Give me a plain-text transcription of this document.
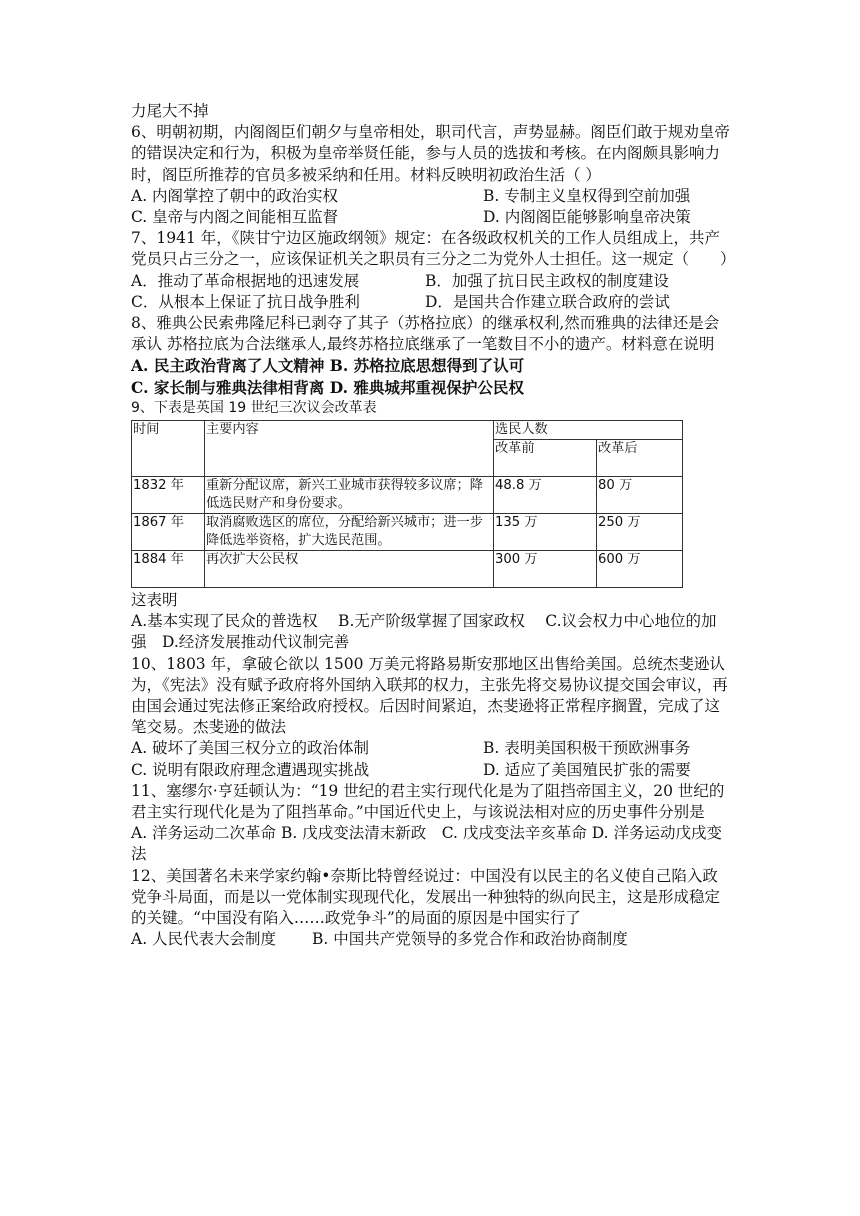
力尾大不掉

6、明朝初期，内阁阁臣们朝夕与皇帝相处，职司代言，声势显赫。阁臣们敢于规劝皇帝的错误决定和行为，积极为皇帝举贤任能，参与人员的选拔和考核。在内阁颇具影响力时，阁臣所推荐的官员多被采纳和任用。材料反映明初政治生活（ ）

A. 内阁掌控了朝中的政治实权	B. 专制主义皇权得到空前加强
C. 皇帝与内阁之间能相互监督	D. 内阁阁臣能够影响皇帝决策

7、1941 年，《陕甘宁边区施政纲领》规定：在各级政权机关的工作人员组成上，共产党员只占三分之一，应该保证机关之职员有三分之二为党外人士担任。这一规定（　　）

A．推动了革命根据地的迅速发展	B．加强了抗日民主政权的制度建设
C．从根本上保证了抗日战争胜利	D．是国共合作建立联合政府的尝试

8、雅典公民索弗隆尼科已剥夺了其子（苏格拉底）的继承权利,然而雅典的法律还是会承认 苏格拉底为合法继承人,最终苏格拉底继承了一笔数目不小的遗产。材料意在说明

A. 民主政治背离了人文精神 B. 苏格拉底思想得到了认可

C. 家长制与雅典法律相背离 D. 雅典城邦重视保护公民权

9、下表是英国 19 世纪三次议会改革表

时间	主要内容	选民人数	
		改革前	改革后
1832 年	重新分配议席，新兴工业城市获得较多议席；降低选民财产和身份要求。	48.8 万	80 万
1867 年	取消腐败选区的席位，分配给新兴城市；进一步降低选举资格，扩大选民范围。	135 万	250 万
1884 年	再次扩大公民权	300 万	600 万

这表明

A.基本实现了民众的普选权　 B.无产阶级掌握了国家政权　 C.议会权力中心地位的加强　D.经济发展推动代议制完善

10、1803 年，拿破仑欲以 1500 万美元将路易斯安那地区出售给美国。总统杰斐逊认为，《宪法》没有赋予政府将外国纳入联邦的权力，主张先将交易协议提交国会审议，再由国会通过宪法修正案给政府授权。后因时间紧迫，杰斐逊将正常程序搁置，完成了这笔交易。杰斐逊的做法

A. 破坏了美国三权分立的政治体制	B. 表明美国积极干预欧洲事务
C. 说明有限政府理念遭遇现实挑战	D. 适应了美国殖民扩张的需要

11、塞缪尔·亨廷顿认为：“19 世纪的君主实行现代化是为了阻挡帝国主义，20 世纪的君主实行现代化是为了阻挡革命。”中国近代史上，与该说法相对应的历史事件分别是

A. 洋务运动二次革命 B. 戊戌变法清末新政　C. 戊戌变法辛亥革命 D. 洋务运动戊戌变法

12、美国著名未来学家约翰•奈斯比特曾经说过：中国没有以民主的名义使自己陷入政党争斗局面，而是以一党体制实现现代化，发展出一种独特的纵向民主，这是形成稳定的关键。“中国没有陷入……政党争斗”的局面的原因是中国实行了

A. 人民代表大会制度　　 B. 中国共产党领导的多党合作和政治协商制度
